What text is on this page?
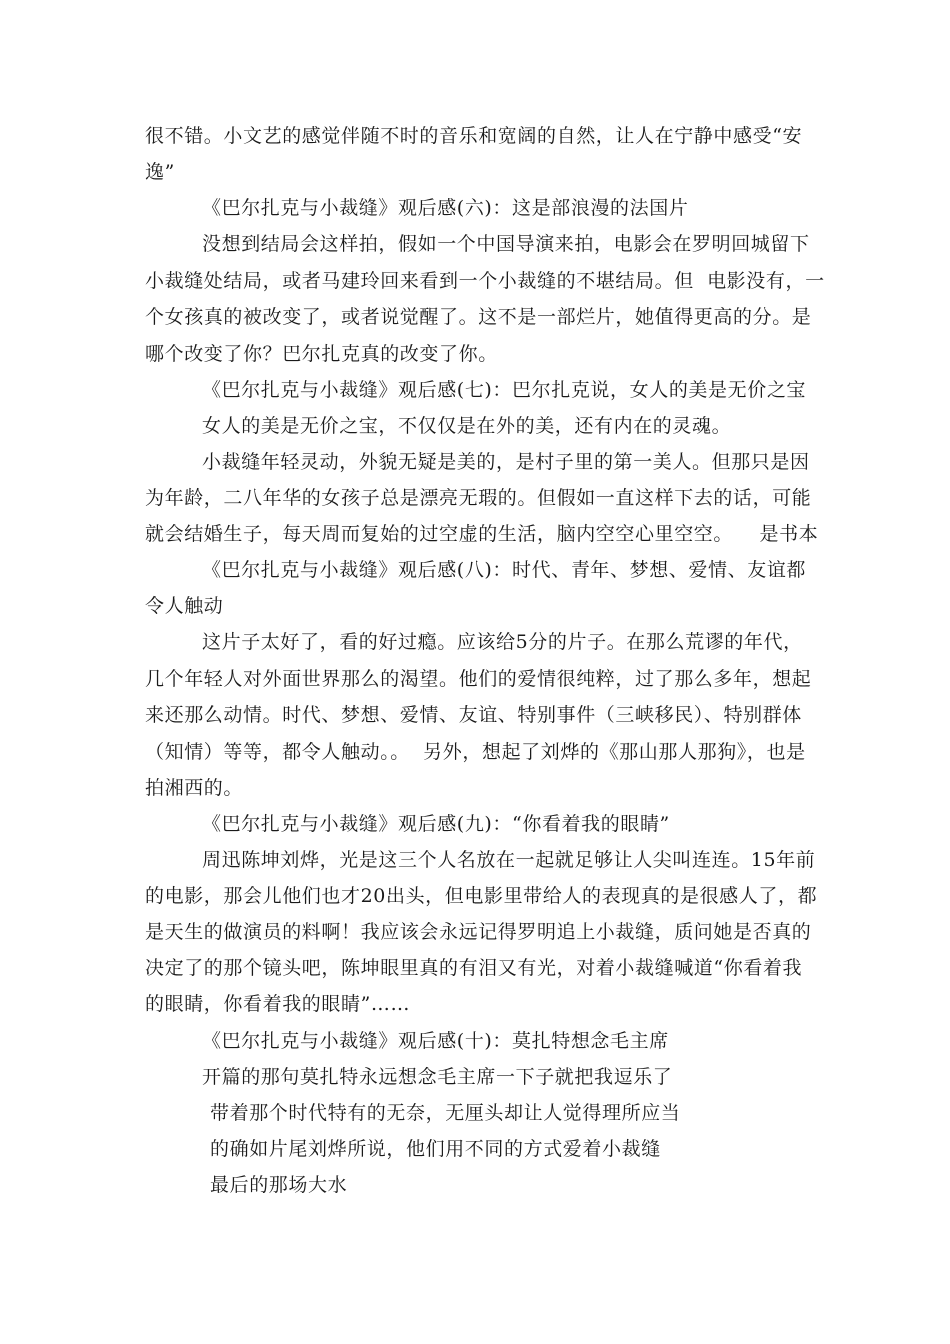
很不错。小文艺的感觉伴随不时的音乐和宽阔的自然，让人在宁静中感受“安
逸”
《巴尔扎克与小裁缝》观后感(六)：这是部浪漫的法国片
没想到结局会这样拍，假如一个中国导演来拍，电影会在罗明回城留下
小裁缝处结局，或者马建玲回来看到一个小裁缝的不堪结局。但  电影没有，一
个女孩真的被改变了，或者说觉醒了。这不是一部烂片，她值得更高的分。是
哪个改变了你？巴尔扎克真的改变了你。
《巴尔扎克与小裁缝》观后感(七)：巴尔扎克说，女人的美是无价之宝
女人的美是无价之宝，不仅仅是在外的美，还有内在的灵魂。
小裁缝年轻灵动，外貌无疑是美的，是村子里的第一美人。但那只是因
为年龄，二八年华的女孩子总是漂亮无瑕的。但假如一直这样下去的话，可能
就会结婚生子，每天周而复始的过空虚的生活，脑内空空心里空空。    是书本
《巴尔扎克与小裁缝》观后感(八)：时代、青年、梦想、爱情、友谊都
令人触动
这片子太好了，看的好过瘾。应该给5分的片子。在那么荒谬的年代，
几个年轻人对外面世界那么的渴望。他们的爱情很纯粹，过了那么多年，想起
来还那么动情。时代、梦想、爱情、友谊、特别事件（三峡移民）、特别群体
（知情）等等，都令人触动。。  另外，想起了刘烨的《那山那人那狗》，也是
拍湘西的。
《巴尔扎克与小裁缝》观后感(九)：“你看着我的眼睛”
周迅陈坤刘烨，光是这三个人名放在一起就足够让人尖叫连连。15年前
的电影，那会儿他们也才20出头，但电影里带给人的表现真的是很感人了，都
是天生的做演员的料啊！我应该会永远记得罗明追上小裁缝，质问她是否真的
决定了的那个镜头吧，陈坤眼里真的有泪又有光，对着小裁缝喊道“你看着我
的眼睛，你看着我的眼睛”……
《巴尔扎克与小裁缝》观后感(十)：莫扎特想念毛主席
开篇的那句莫扎特永远想念毛主席一下子就把我逗乐了
带着那个时代特有的无奈，无厘头却让人觉得理所应当
的确如片尾刘烨所说，他们用不同的方式爱着小裁缝
最后的那场大水
